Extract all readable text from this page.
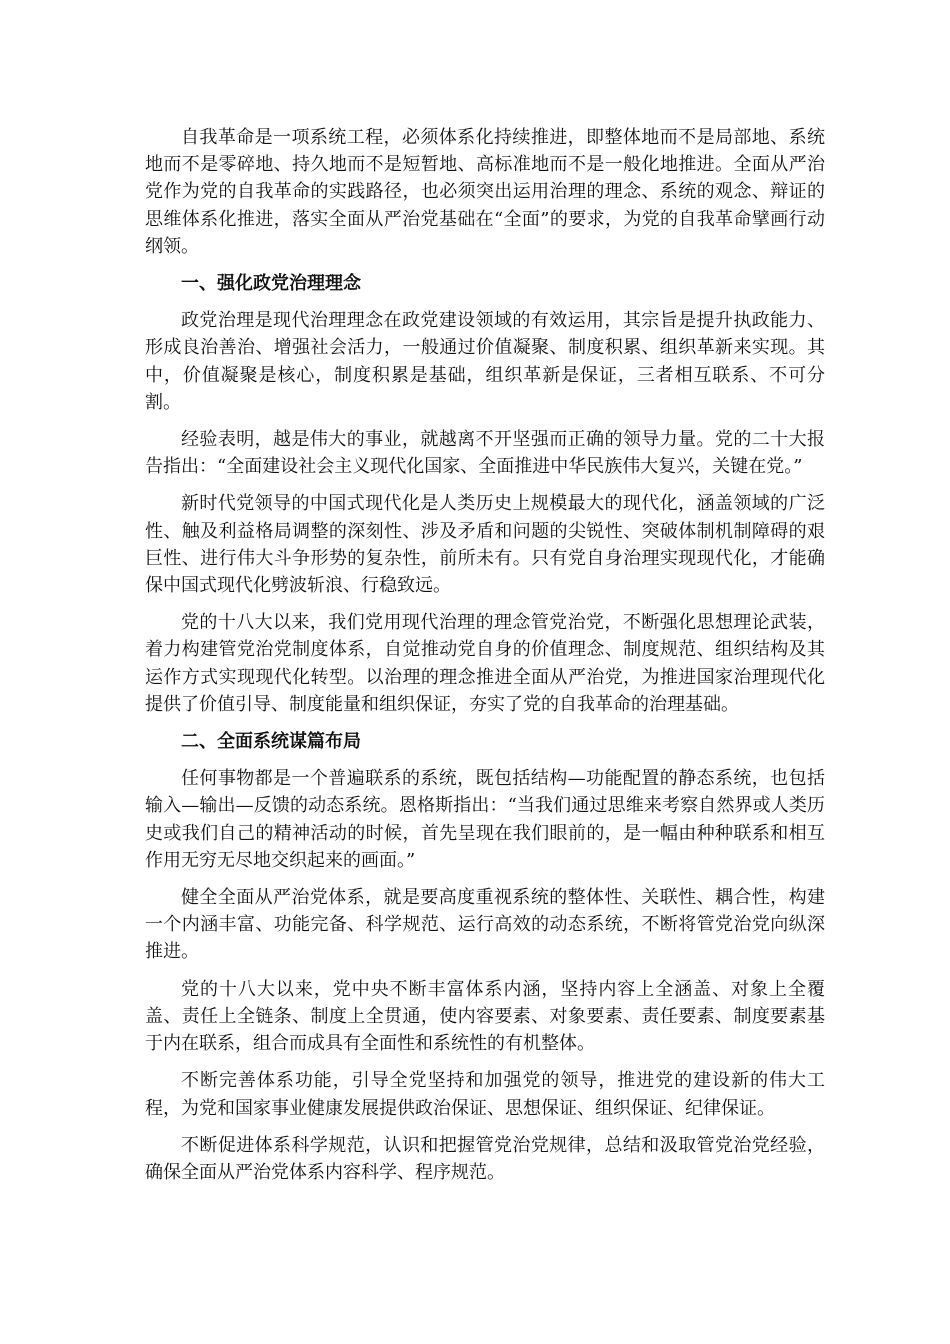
自我革命是一项系统工程，必须体系化持续推进，即整体地而不是局部地、系统地而不是零碎地、持久地而不是短暂地、高标准地而不是一般化地推进。全面从严治党作为党的自我革命的实践路径，也必须突出运用治理的理念、系统的观念、辩证的思维体系化推进，落实全面从严治党基础在“全面”的要求，为党的自我革命擘画行动纲领。

一、强化政党治理理念

政党治理是现代治理理念在政党建设领域的有效运用，其宗旨是提升执政能力、形成良治善治、增强社会活力，一般通过价值凝聚、制度积累、组织革新来实现。其中，价值凝聚是核心，制度积累是基础，组织革新是保证，三者相互联系、不可分割。

经验表明，越是伟大的事业，就越离不开坚强而正确的领导力量。党的二十大报告指出：“全面建设社会主义现代化国家、全面推进中华民族伟大复兴，关键在党。”

新时代党领导的中国式现代化是人类历史上规模最大的现代化，涵盖领域的广泛性、触及利益格局调整的深刻性、涉及矛盾和问题的尖锐性、突破体制机制障碍的艰巨性、进行伟大斗争形势的复杂性，前所未有。只有党自身治理实现现代化，才能确保中国式现代化劈波斩浪、行稳致远。

党的十八大以来，我们党用现代治理的理念管党治党，不断强化思想理论武装，着力构建管党治党制度体系，自觉推动党自身的价值理念、制度规范、组织结构及其运作方式实现现代化转型。以治理的理念推进全面从严治党，为推进国家治理现代化提供了价值引导、制度能量和组织保证，夯实了党的自我革命的治理基础。

二、全面系统谋篇布局

任何事物都是一个普遍联系的系统，既包括结构—功能配置的静态系统，也包括输入—输出—反馈的动态系统。恩格斯指出：“当我们通过思维来考察自然界或人类历史或我们自己的精神活动的时候，首先呈现在我们眼前的，是一幅由种种联系和相互作用无穷无尽地交织起来的画面。”

健全全面从严治党体系，就是要高度重视系统的整体性、关联性、耦合性，构建一个内涵丰富、功能完备、科学规范、运行高效的动态系统，不断将管党治党向纵深推进。

党的十八大以来，党中央不断丰富体系内涵，坚持内容上全涵盖、对象上全覆盖、责任上全链条、制度上全贯通，使内容要素、对象要素、责任要素、制度要素基于内在联系，组合而成具有全面性和系统性的有机整体。

不断完善体系功能，引导全党坚持和加强党的领导，推进党的建设新的伟大工程，为党和国家事业健康发展提供政治保证、思想保证、组织保证、纪律保证。

不断促进体系科学规范，认识和把握管党治党规律，总结和汲取管党治党经验，确保全面从严治党体系内容科学、程序规范。
